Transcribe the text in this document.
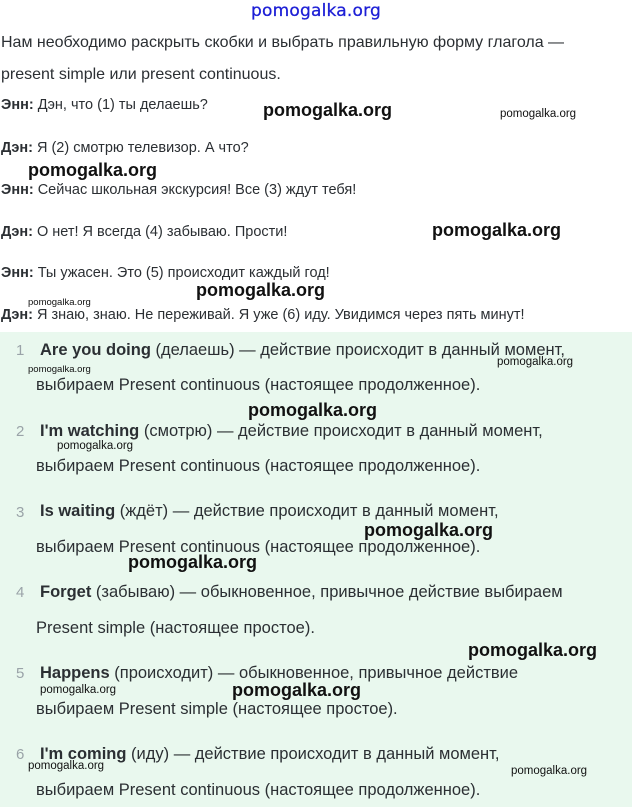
pomogalka.org
Нам необходимо раскрыть скобки и выбрать правильную форму глагола —
present simple или present continuous.
Энн: Дэн, что (1) ты делаешь?
Дэн: Я (2) смотрю телевизор. А что?
Энн: Сейчас школьная экскурсия! Все (3) ждут тебя!
Дэн: О нет! Я всегда (4) забываю. Прости!
Энн: Ты ужасен. Это (5) происходит каждый год!
Дэн: Я знаю, знаю. Не переживай. Я уже (6) иду. Увидимся через пять минут!
1 Are you doing (делаешь) — действие происходит в данный момент,
выбираем Present continuous (настоящее продолженное).
2 I'm watching (смотрю) — действие происходит в данный момент,
выбираем Present continuous (настоящее продолженное).
3 Is waiting (ждёт) — действие происходит в данный момент,
выбираем Present continuous (настоящее продолженное).
4 Forget (забываю) — обыкновенное, привычное действие выбираем
Present simple (настоящее простое).
5 Happens (происходит) — обыкновенное, привычное действие
выбираем Present simple (настоящее простое).
6 I'm coming (иду) — действие происходит в данный момент,
выбираем Present continuous (настоящее продолженное).
pomogalka.org	pomogalka.org
pomogalka.org
pomogalka.org
pomogalka.org
pomogalka.org
pomogalka.org
pomogalka.org
pomogalka.org
pomogalka.org
pomogalka.org
pomogalka.org
pomogalka.org
pomogalka.org	pomogalka.org
pomogalka.org	pomogalka.org
